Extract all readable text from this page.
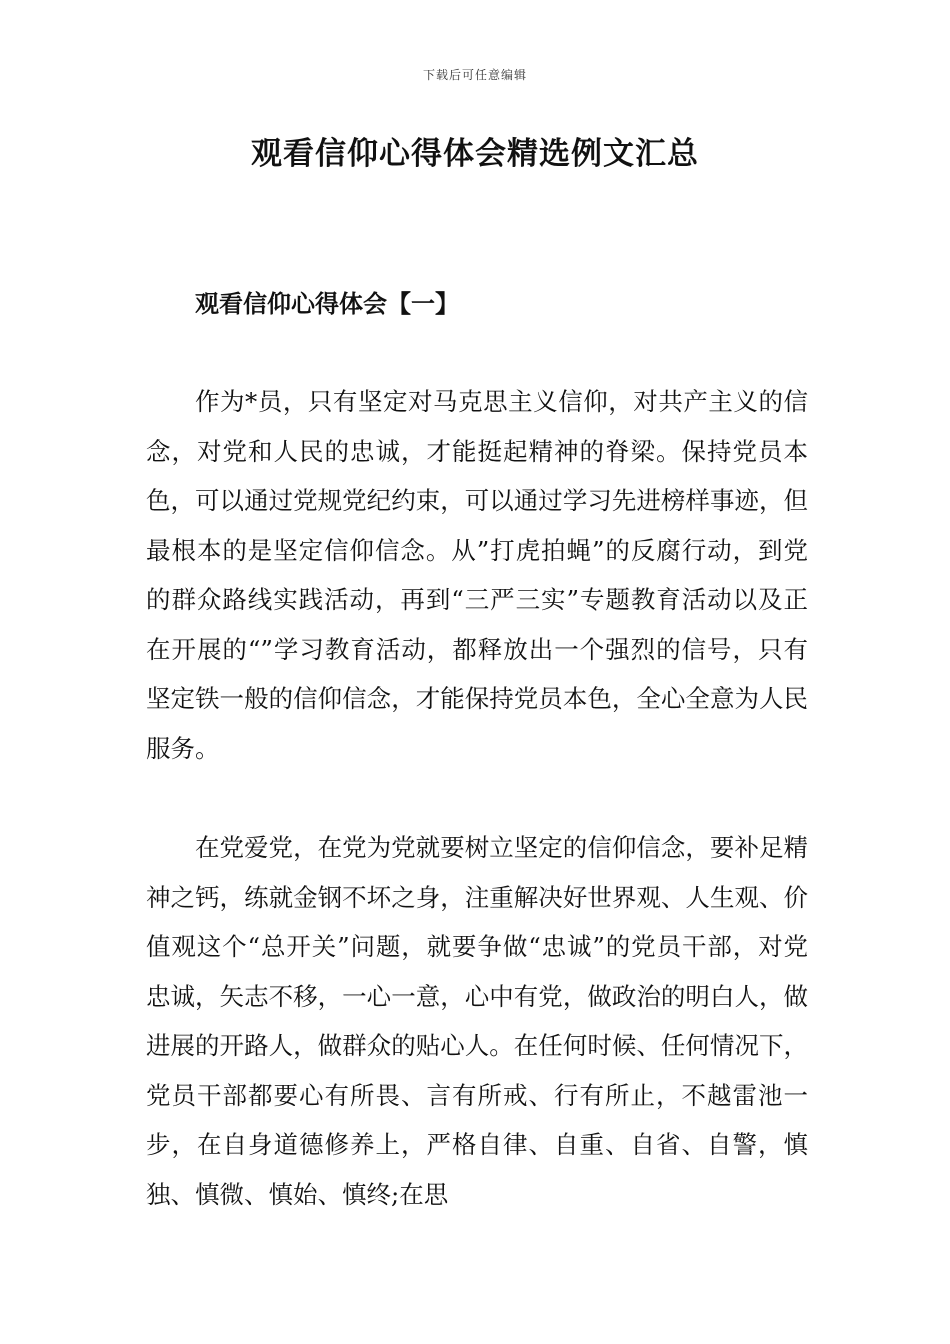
下载后可任意编辑
观看信仰心得体会精选例文汇总
观看信仰心得体会【一】

作为*员，只有坚定对马克思主义信仰，对共产主义的信念，对党和人民的忠诚，才能挺起精神的脊梁。保持党员本色，可以通过党规党纪约束，可以通过学习先进榜样事迹，但最根本的是坚定信仰信念。从”打虎拍蝇”的反腐行动，到党的群众路线实践活动，再到“三严三实”专题教育活动以及正在开展的“”学习教育活动，都释放出一个强烈的信号，只有坚定铁一般的信仰信念，才能保持党员本色，全心全意为人民服务。

在党爱党，在党为党就要树立坚定的信仰信念，要补足精神之钙，练就金钢不坏之身，注重解决好世界观、人生观、价值观这个“总开关”问题，就要争做“忠诚”的党员干部，对党忠诚，矢志不移，一心一意，心中有党，做政治的明白人，做进展的开路人，做群众的贴心人。在任何时候、任何情况下，党员干部都要心有所畏、言有所戒、行有所止，不越雷池一步，在自身道德修养上，严格自律、自重、自省、自警，慎独、慎微、慎始、慎终;在思
